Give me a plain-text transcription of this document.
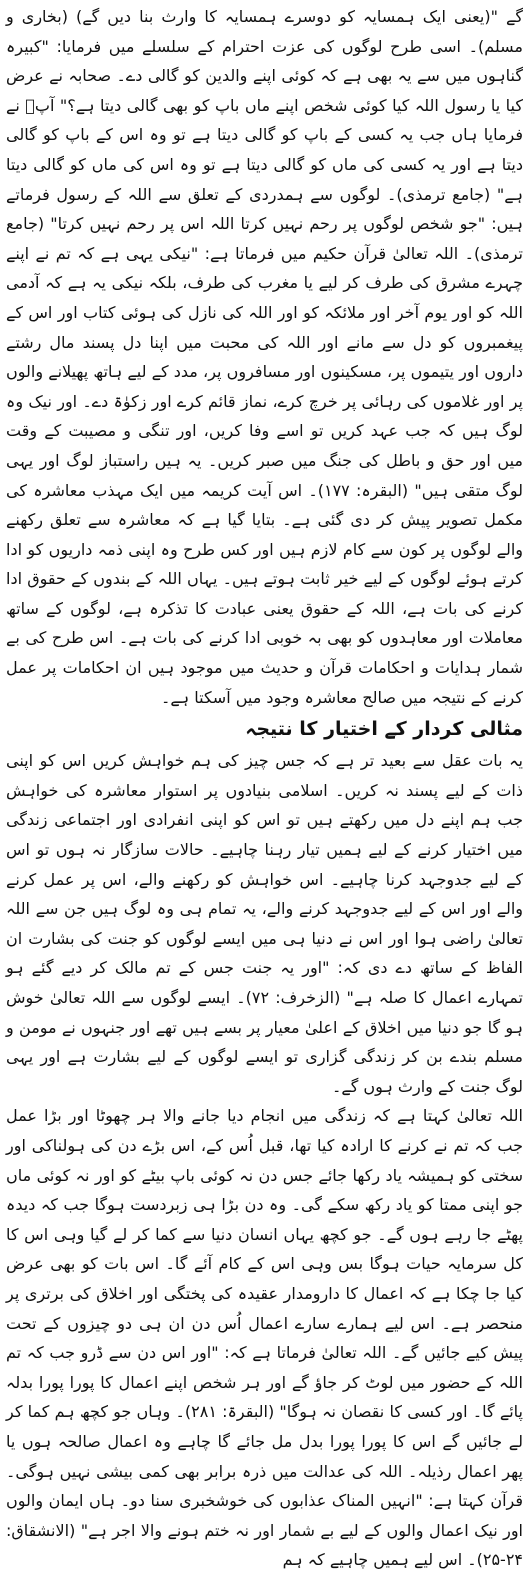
گے "(یعنی ایک ہمسایہ کو دوسرے ہمسایہ کا وارث بنا دیں گے) (بخاری و مسلم)۔ اسی طرح لوگوں کی عزت احترام کے سلسلے میں فرمایا: "کبیرہ گناہوں میں سے یہ بھی ہے کہ کوئی اپنے والدین کو گالی دے۔ صحابہ نے عرض کیا یا رسول اللہ کیا کوئی شخص اپنے ماں باپ کو بھی گالی دیتا ہے؟" آپؐ نے فرمایا ہاں جب یہ کسی کے باپ کو گالی دیتا ہے تو وہ اس کے باپ کو گالی دیتا ہے اور یہ کسی کی ماں کو گالی دیتا ہے تو وہ اس کی ماں کو گالی دیتا ہے" (جامع ترمذی)۔ لوگوں سے ہمدردی کے تعلق سے اللہ کے رسول فرماتے ہیں: "جو شخص لوگوں پر رحم نہیں کرتا اللہ اس پر رحم نہیں کرتا" (جامع ترمذی)۔ اللہ تعالیٰ قرآن حکیم میں فرماتا ہے: "نیکی یہی ہے کہ تم نے اپنے چہرے مشرق کی طرف کر لیے یا مغرب کی طرف، بلکہ نیکی یہ ہے کہ آدمی اللہ کو اور یوم آخر اور ملائکہ کو اور اللہ کی نازل کی ہوئی کتاب اور اس کے پیغمبروں کو دل سے مانے اور اللہ کی محبت میں اپنا دل پسند مال رشتے داروں اور یتیموں پر، مسکینوں اور مسافروں پر، مدد کے لیے ہاتھ پھیلانے والوں پر اور غلاموں کی رہائی پر خرچ کرے، نماز قائم کرے اور زکوٰۃ دے۔ اور نیک وہ لوگ ہیں کہ جب عہد کریں تو اسے وفا کریں، اور تنگی و مصیبت کے وقت میں اور حق و باطل کی جنگ میں صبر کریں۔ یہ ہیں راستباز لوگ اور یہی لوگ متقی ہیں" (البقرہ: ۱۷۷)۔ اس آیت کریمہ میں ایک مہذب معاشرہ کی مکمل تصویر پیش کر دی گئی ہے۔ بتایا گیا ہے کہ معاشرہ سے تعلق رکھنے والے لوگوں پر کون سے کام لازم ہیں اور کس طرح وہ اپنی ذمہ داریوں کو ادا کرتے ہوئے لوگوں کے لیے خیر ثابت ہوتے ہیں۔ یہاں اللہ کے بندوں کے حقوق ادا کرنے کی بات ہے، اللہ کے حقوق یعنی عبادت کا تذکرہ ہے، لوگوں کے ساتھ معاملات اور معاہدوں کو بھی بہ خوبی ادا کرنے کی بات ہے۔ اس طرح کی بے شمار ہدایات و احکامات قرآن و حدیث میں موجود ہیں ان احکامات پر عمل کرنے کے نتیجہ میں صالح معاشرہ وجود میں آسکتا ہے۔

مثالی کردار کے اختیار کا نتیجہ

یہ بات عقل سے بعید تر ہے کہ جس چیز کی ہم خواہش کریں اس کو اپنی ذات کے لیے پسند نہ کریں۔ اسلامی بنیادوں پر استوار معاشرہ کی خواہش جب ہم اپنے دل میں رکھتے ہیں تو اس کو اپنی انفرادی اور اجتماعی زندگی میں اختیار کرنے کے لیے ہمیں تیار رہنا چاہیے۔ حالات سازگار نہ ہوں تو اس کے لیے جدوجہد کرنا چاہیے۔ اس خواہش کو رکھنے والے، اس پر عمل کرنے والے اور اس کے لیے جدوجہد کرنے والے، یہ تمام ہی وہ لوگ ہیں جن سے اللہ تعالیٰ راضی ہوا اور اس نے دنیا ہی میں ایسے لوگوں کو جنت کی بشارت ان الفاظ کے ساتھ دے دی کہ: "اور یہ جنت جس کے تم مالک کر دیے گئے ہو تمہارے اعمال کا صلہ ہے" (الزخرف: ۷۲)۔ ایسے لوگوں سے اللہ تعالیٰ خوش ہو گا جو دنیا میں اخلاق کے اعلیٰ معیار پر بسے ہیں تھے اور جنہوں نے مومن و مسلم بندے بن کر زندگی گزاری تو ایسے لوگوں کے لیے بشارت ہے اور یہی لوگ جنت کے وارث ہوں گے۔

اللہ تعالیٰ کہتا ہے کہ زندگی میں انجام دیا جانے والا ہر چھوٹا اور بڑا عمل جب کہ تم نے کرنے کا ارادہ کیا تھا، قبل اُس کے، اس بڑے دن کی ہولناکی اور سختی کو ہمیشہ یاد رکھا جائے جس دن نہ کوئی باپ بیٹے کو اور نہ کوئی ماں جو اپنی ممتا کو یاد رکھ سکے گی۔ وہ دن بڑا ہی زبردست ہوگا جب کہ دیدہ پھٹے جا رہے ہوں گے۔ جو کچھ یہاں انسان دنیا سے کما کر لے گیا وہی اس کا کل سرمایہ حیات ہوگا بس وہی اس کے کام آئے گا۔ اس بات کو بھی عرض کیا جا چکا ہے کہ اعمال کا دارومدار عقیدہ کی پختگی اور اخلاق کی برتری پر منحصر ہے۔ اس لیے ہمارے سارے اعمال اُس دن ان ہی دو چیزوں کے تحت پیش کیے جائیں گے۔ اللہ تعالیٰ فرماتا ہے کہ: "اور اس دن سے ڈرو جب کہ تم اللہ کے حضور میں لوٹ کر جاؤ گے اور ہر شخص اپنے اعمال کا پورا پورا بدلہ پائے گا۔ اور کسی کا نقصان نہ ہوگا" (البقرۃ: ۲۸۱)۔ وہاں جو کچھ ہم کما کر لے جائیں گے اس کا پورا پورا بدل مل جائے گا چاہے وہ اعمال صالحہ ہوں یا پھر اعمال رذیلہ۔ اللہ کی عدالت میں ذرہ برابر بھی کمی بیشی نہیں ہوگی۔ قرآن کہتا ہے: "انہیں المناک عذابوں کی خوشخبری سنا دو۔ ہاں ایمان والوں اور نیک اعمال والوں کے لیے بے شمار اور نہ ختم ہونے والا اجر ہے" (الانشقاق: ۲۴-۲۵)۔ اس لیے ہمیں چاہیے کہ ہم
